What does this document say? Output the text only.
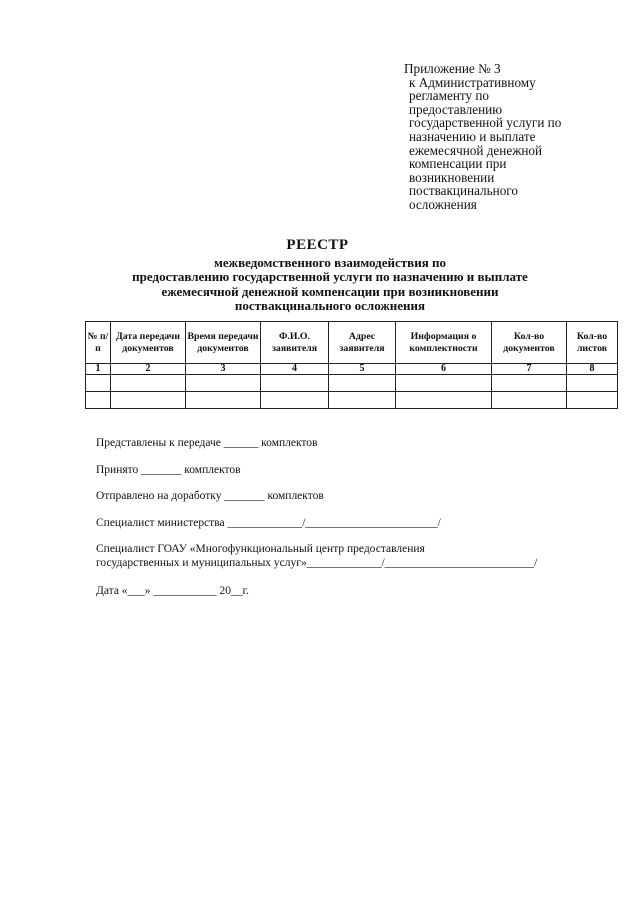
Приложение № 3
к Административному
регламенту по
предоставлению
государственной услуги по
назначению и выплате
ежемесячной денежной
компенсации при
возникновении
поствакцинального
осложнения
РЕЕСТР
межведомственного взаимодействия по
предоставлению государственной услуги по назначению и выплате
ежемесячной денежной компенсации при возникновении
поствакцинального осложнения
№ п/ п	Дата передачи документов	Время передачи документов	Ф.И.О. заявителя	Адрес заявителя	Информация о комплектности	Кол-во документов	Кол-во листов
1	2	3	4	5	6	7	8

Представлены к передаче ______ комплектов
Принято _______ комплектов
Отправлено на доработку _______ комплектов
Специалист министерства _____________/_______________________/
Специалист ГОАУ «Многофункциональный центр предоставления
государственных и муниципальных услуг»_____________/__________________________/
Дата «___» ___________ 20__г.
